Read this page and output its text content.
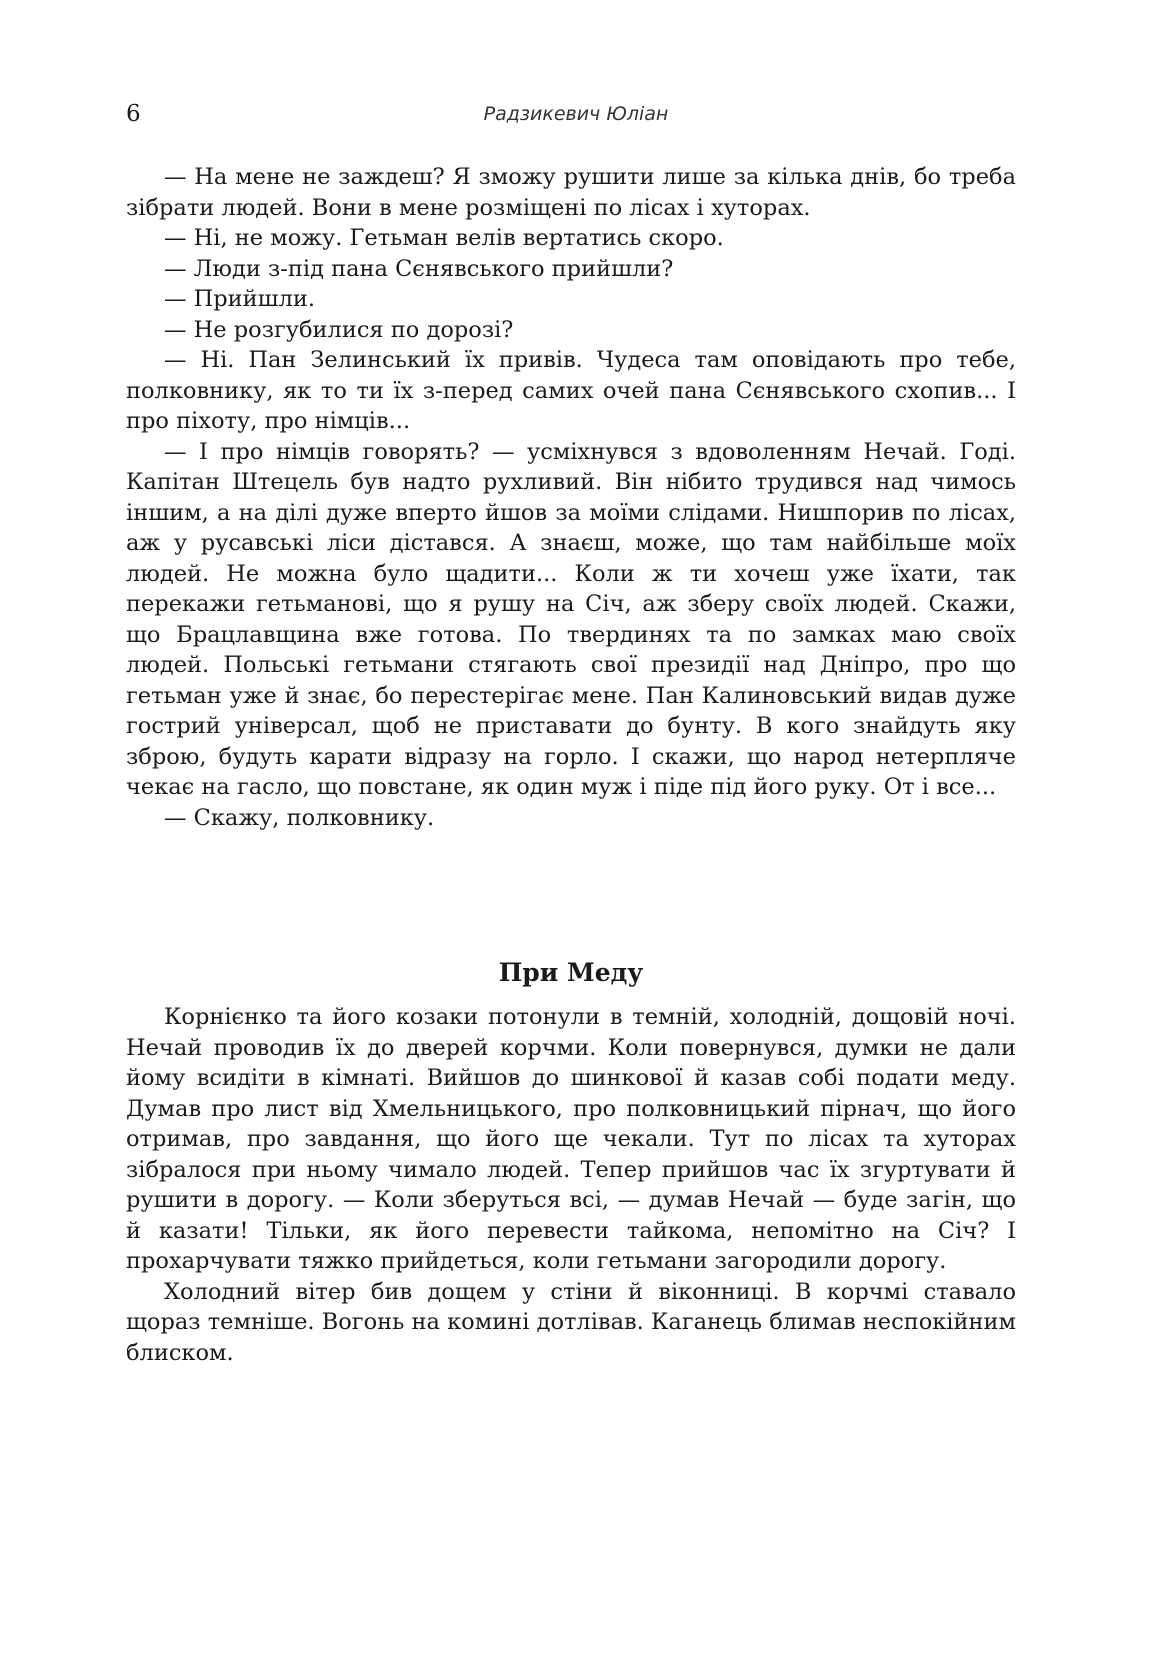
6	Радзикевич Юліан

— На мене не заждеш? Я зможу рушити лише за кілька днів, бо треба зібрати людей. Вони в мене розміщені по лісах і хуторах.

— Ні, не можу. Гетьман велів вертатись скоро.

— Люди з-під пана Сєнявського прийшли?

— Прийшли.

— Не розгубилися по дорозі?

— Ні. Пан Зелинський їх привів. Чудеса там оповідають про тебе, полковнику, як то ти їх з-перед самих очей пана Сєнявського схопив... І про піхоту, про німців...

— І про німців говорять? — усміхнувся з вдоволенням Нечай. Годі. Капітан Штецель був надто рухливий. Він нібито трудився над чимось іншим, а на ділі дуже вперто йшов за моїми слідами. Нишпорив по лісах, аж у русавські ліси дістався. А знаєш, може, що там найбільше моїх людей. Не можна було щадити... Коли ж ти хочеш уже їхати, так перекажи гетьманові, що я рушу на Січ, аж зберу своїх людей. Скажи, що Брацлавщина вже готова. По твердинях та по замках маю своїх людей. Польські гетьмани стягають свої президії над Дніпро, про що гетьман уже й знає, бо перестерігає мене. Пан Калиновський видав дуже гострий універсал, щоб не приставати до бунту. В кого знайдуть яку зброю, будуть карати відразу на горло. І скажи, що народ нетерпляче чекає на гасло, що повстане, як один муж і піде під його руку. От і все...

— Скажу, полковнику.

При Меду

Корнієнко та його козаки потонули в темній, холодній, дощовій ночі. Нечай проводив їх до дверей корчми. Коли повернувся, думки не дали йому всидіти в кімнаті. Вийшов до шинкової й казав собі подати меду. Думав про лист від Хмельницького, про полковницький пірнач, що його отримав, про завдання, що його ще чекали. Тут по лісах та хуторах зібралося при ньому чимало людей. Тепер прийшов час їх згуртувати й рушити в дорогу. — Коли зберуться всі, — думав Нечай — буде загін, що й казати! Тільки, як його перевести тайкома, непомітно на Січ? І прохарчувати тяжко прийдеться, коли гетьмани загородили дорогу.

Холодний вітер бив дощем у стіни й віконниці. В корчмі ставало щораз темніше. Вогонь на комині дотлівав. Каганець блимав неспокійним блиском.
